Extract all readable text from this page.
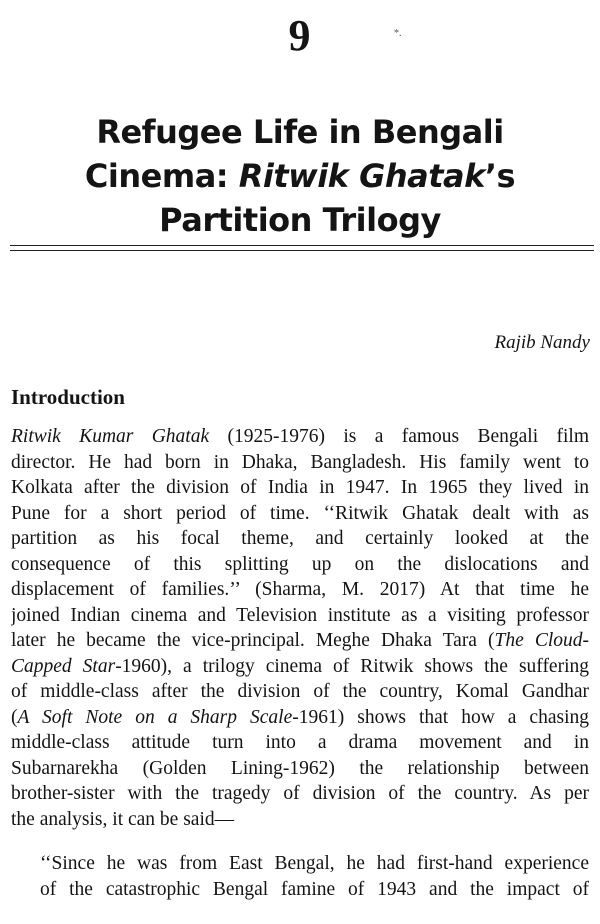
9	*.
Refugee Life in Bengali
Cinema: Ritwik Ghatak’s
Partition Trilogy
Rajib Nandy
Introduction
Ritwik Kumar Ghatak (1925-1976) is a famous Bengali film
director. He had born in Dhaka, Bangladesh. His family went to
Kolkata after the division of India in 1947. In 1965 they lived in
Pune for a short period of time. ‘‘Ritwik Ghatak dealt with as
partition as his focal theme, and certainly looked at the
consequence of this splitting up on the dislocations and
displacement of families.’’ (Sharma, M. 2017) At that time he
joined Indian cinema and Television institute as a visiting professor
later he became the vice-principal. Meghe Dhaka Tara (The Cloud-
Capped Star-1960), a trilogy cinema of Ritwik shows the suffering
of middle-class after the division of the country, Komal Gandhar
(A Soft Note on a Sharp Scale-1961) shows that how a chasing
middle-class attitude turn into a drama movement and in
Subarnarekha (Golden Lining-1962) the relationship between
brother-sister with the tragedy of division of the country. As per
the analysis, it can be said—
‘‘Since he was from East Bengal, he had first-hand experience
of the catastrophic Bengal famine of 1943 and the impact of
